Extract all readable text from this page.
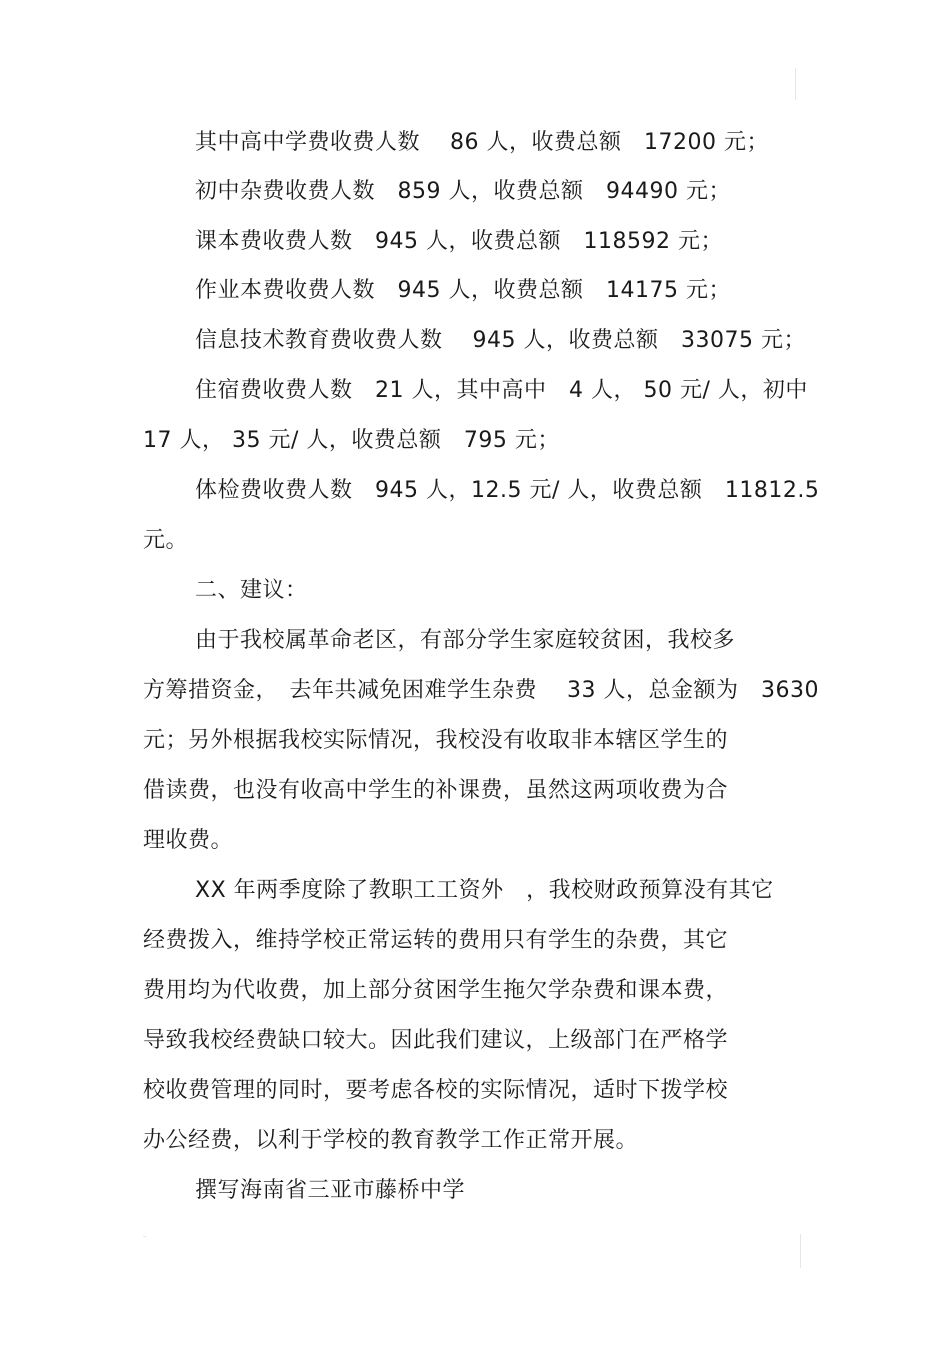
其中高中学费收费人数　 86 人，收费总额　17200 元；
初中杂费收费人数　859 人，收费总额　94490 元；
课本费收费人数　945 人，收费总额　118592 元；
作业本费收费人数　945 人，收费总额　14175 元；
信息技术教育费收费人数　 945 人，收费总额　33075 元；
住宿费收费人数　21 人，其中高中　4 人， 50 元/ 人，初中
17 人， 35 元/ 人，收费总额　795 元；
体检费收费人数　945 人，12.5 元/ 人，收费总额　11812.5
元。
二、建议：
由于我校属革命老区，有部分学生家庭较贫困，我校多
方筹措资金，　去年共减免困难学生杂费　 33 人，总金额为　3630
元；另外根据我校实际情况，我校没有收取非本辖区学生的
借读费，也没有收高中学生的补课费，虽然这两项收费为合
理收费。
XX 年两季度除了教职工工资外　，我校财政预算没有其它
经费拨入，维持学校正常运转的费用只有学生的杂费，其它
费用均为代收费，加上部分贫困学生拖欠学杂费和课本费，
导致我校经费缺口较大。因此我们建议，上级部门在严格学
校收费管理的同时，要考虑各校的实际情况，适时下拨学校
办公经费，以利于学校的教育教学工作正常开展。
撰写海南省三亚市藤桥中学
